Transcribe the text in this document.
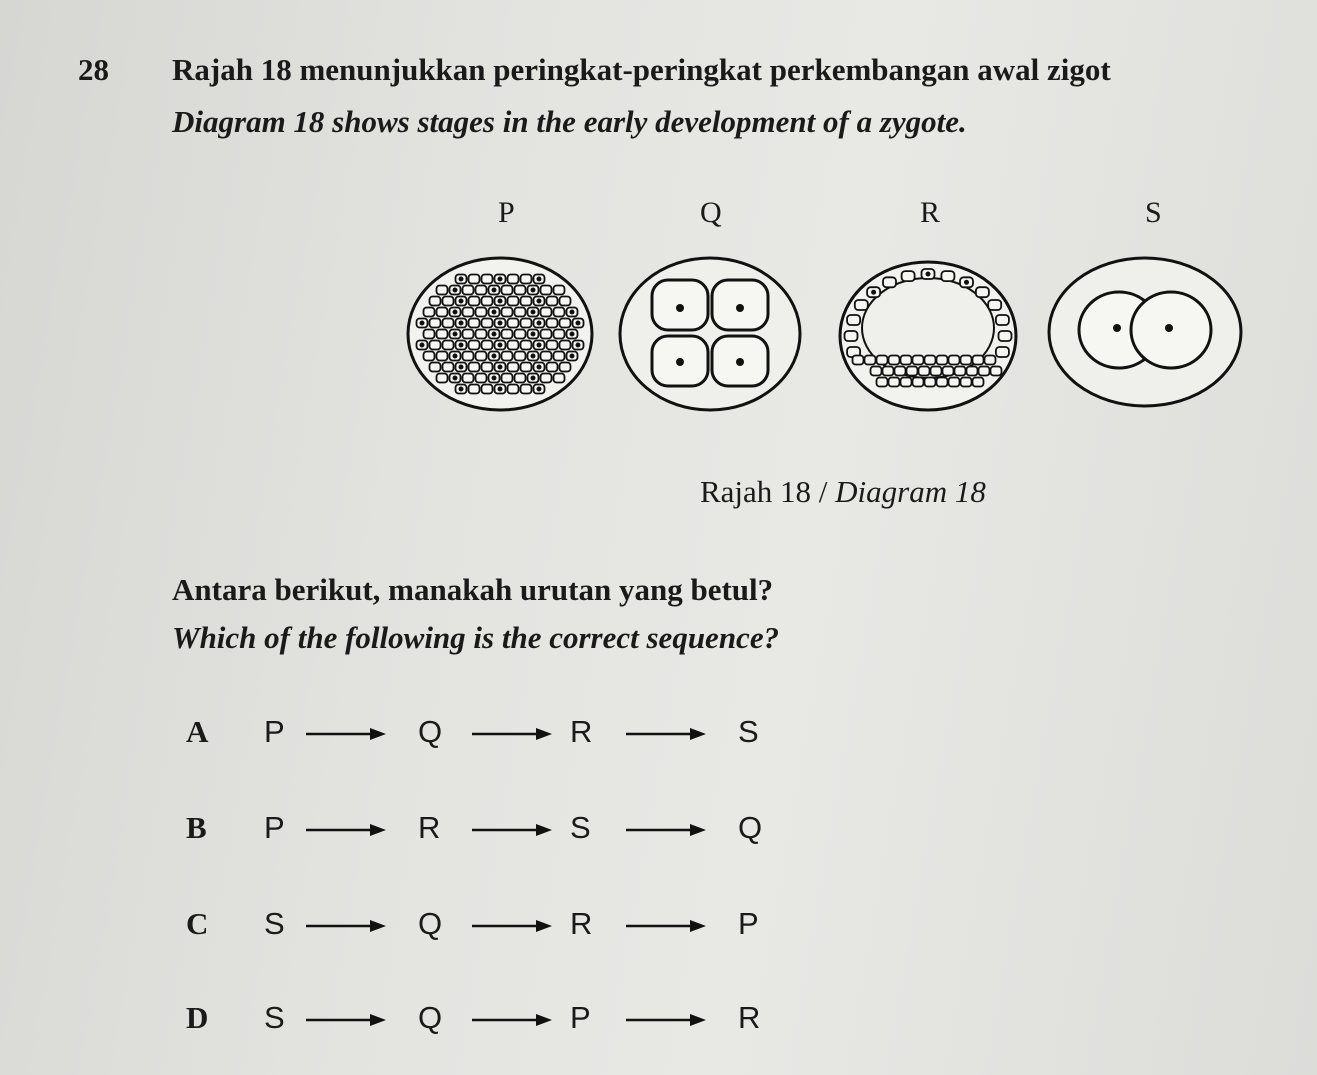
28 Rajah 18 menunjukkan peringkat-peringkat perkembangan awal zigot
Diagram 18 shows stages in the early development of a zygote.
P	Q	R	S
Rajah 18 / Diagram 18
Antara berikut, manakah urutan yang betul?
Which of the following is the correct sequence?
A P	Q	R	S
B P	R	S	Q
C S	Q	R	P
D S	Q	P	R
